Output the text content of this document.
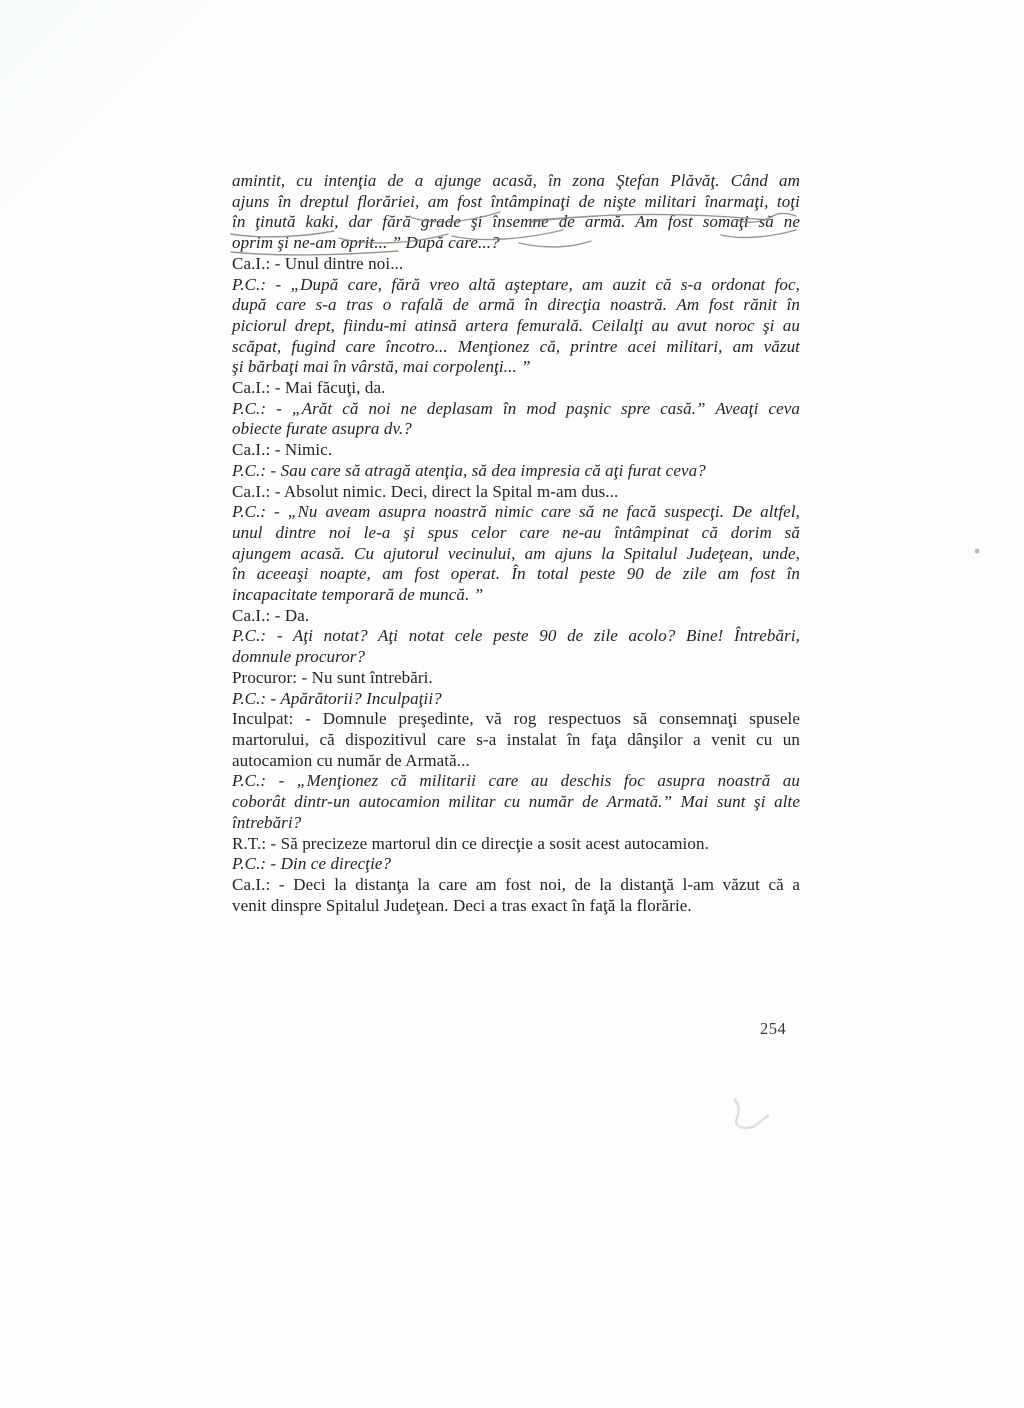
amintit, cu intenţia de a ajunge acasă, în zona Ştefan Plăvăţ. Când am
ajuns în dreptul florăriei, am fost întâmpinaţi de nişte militari înarmaţi, toţi
în ţinută kaki, dar fără grade şi însemne de armă. Am fost somaţi să ne
oprim şi ne-am oprit... ” După care...?
Ca.I.: - Unul dintre noi...
P.C.: - „După care, fără vreo altă aşteptare, am auzit că s-a ordonat foc,
după care s-a tras o rafală de armă în direcţia noastră. Am fost rănit în
piciorul drept, fiindu-mi atinsă artera femurală. Ceilalţi au avut noroc şi au
scăpat, fugind care încotro... Menţionez că, printre acei militari, am văzut
şi bărbaţi mai în vârstă, mai corpolenţi... ”
Ca.I.: - Mai făcuţi, da.
P.C.: - „Arăt că noi ne deplasam în mod paşnic spre casă.” Aveaţi ceva
obiecte furate asupra dv.?
Ca.I.: - Nimic.
P.C.: - Sau care să atragă atenţia, să dea impresia că aţi furat ceva?
Ca.I.: - Absolut nimic. Deci, direct la Spital m-am dus...
P.C.: - „Nu aveam asupra noastră nimic care să ne facă suspecţi. De altfel,
unul dintre noi le-a şi spus celor care ne-au întâmpinat că dorim să
ajungem acasă. Cu ajutorul vecinului, am ajuns la Spitalul Judeţean, unde,
în aceeaşi noapte, am fost operat. În total peste 90 de zile am fost în
incapacitate temporară de muncă. ”
Ca.I.: - Da.
P.C.: - Aţi notat? Aţi notat cele peste 90 de zile acolo? Bine! Întrebări,
domnule procuror?
Procuror: - Nu sunt întrebări.
P.C.: - Apărătorii? Inculpaţii?
Inculpat: - Domnule preşedinte, vă rog respectuos să consemnaţi spusele
martorului, că dispozitivul care s-a instalat în faţa dânşilor a venit cu un
autocamion cu număr de Armată...
P.C.: - „Menţionez că militarii care au deschis foc asupra noastră au
coborât dintr-un autocamion militar cu număr de Armată.” Mai sunt şi alte
întrebări?
R.T.: - Să precizeze martorul din ce direcţie a sosit acest autocamion.
P.C.: - Din ce direcţie?
Ca.I.: - Deci la distanţa la care am fost noi, de la distanţă l-am văzut că a
venit dinspre Spitalul Judeţean. Deci a tras exact în faţă la florărie.
254
